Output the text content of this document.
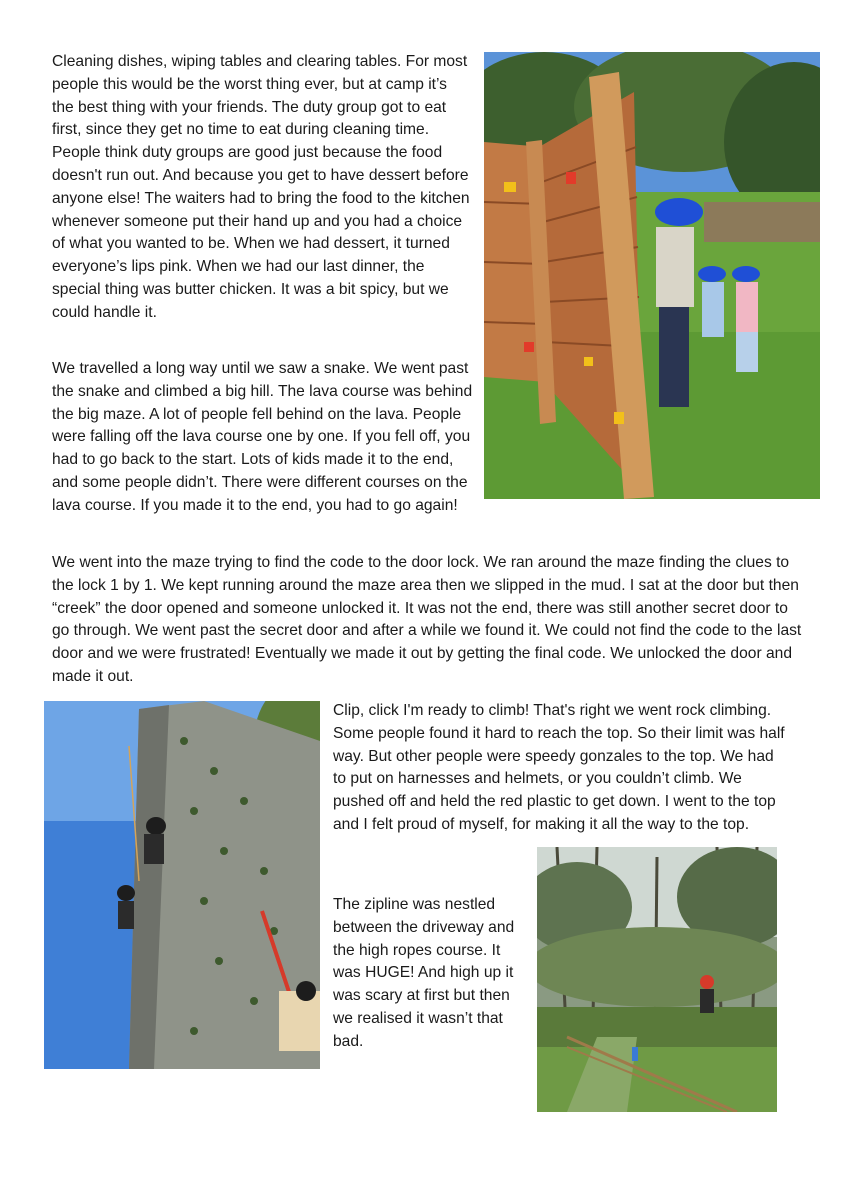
Cleaning dishes, wiping tables and clearing tables. For most people this would be the worst thing ever, but at camp it’s the best thing with your friends. The duty group got to eat first, since they get no time to eat during cleaning time. People think duty groups are good just because the food doesn't run out. And because you get to have dessert before anyone else! The waiters had to bring the food to the kitchen whenever someone put their hand up and you had a choice of what you wanted to be. When we had dessert, it turned everyone’s lips pink. When we had our last dinner, the special thing was butter chicken. It was a bit spicy, but we could handle it.

We travelled a long way until we saw a snake. We went past the snake and climbed a big hill. The lava course was behind the big maze. A lot of people fell behind on the lava. People were falling off the lava course one by one. If you fell off, you had to go back to the start. Lots of kids made it to the end, and some people didn’t. There were different courses on the lava course. If you made it to the end, you had to go again!

We went into the maze trying to find the code to the door lock. We ran around the maze finding the clues to the lock 1 by 1. We kept running around the maze area then we slipped in the mud. I sat at the door but then “creek” the door opened and someone unlocked it. It was not the end, there was still another secret door to go through. We went past the secret door and after a while we found it. We could not find the code to the last door and we were frustrated! Eventually we made it out by getting the final code. We unlocked the door and made it out.

Clip, click I'm ready to climb! That's right we went rock climbing. Some people found it hard to reach the top. So their limit was half way. But other people were speedy gonzales to the top. We had to put on harnesses and helmets, or you couldn’t climb. We pushed off and held the red plastic to get down. I went to the top and I felt proud of myself, for making it all the way to the top.

The zipline was nestled between the driveway and the high ropes course. It was HUGE! And high up it was scary at first but then we realised it wasn’t that bad.
